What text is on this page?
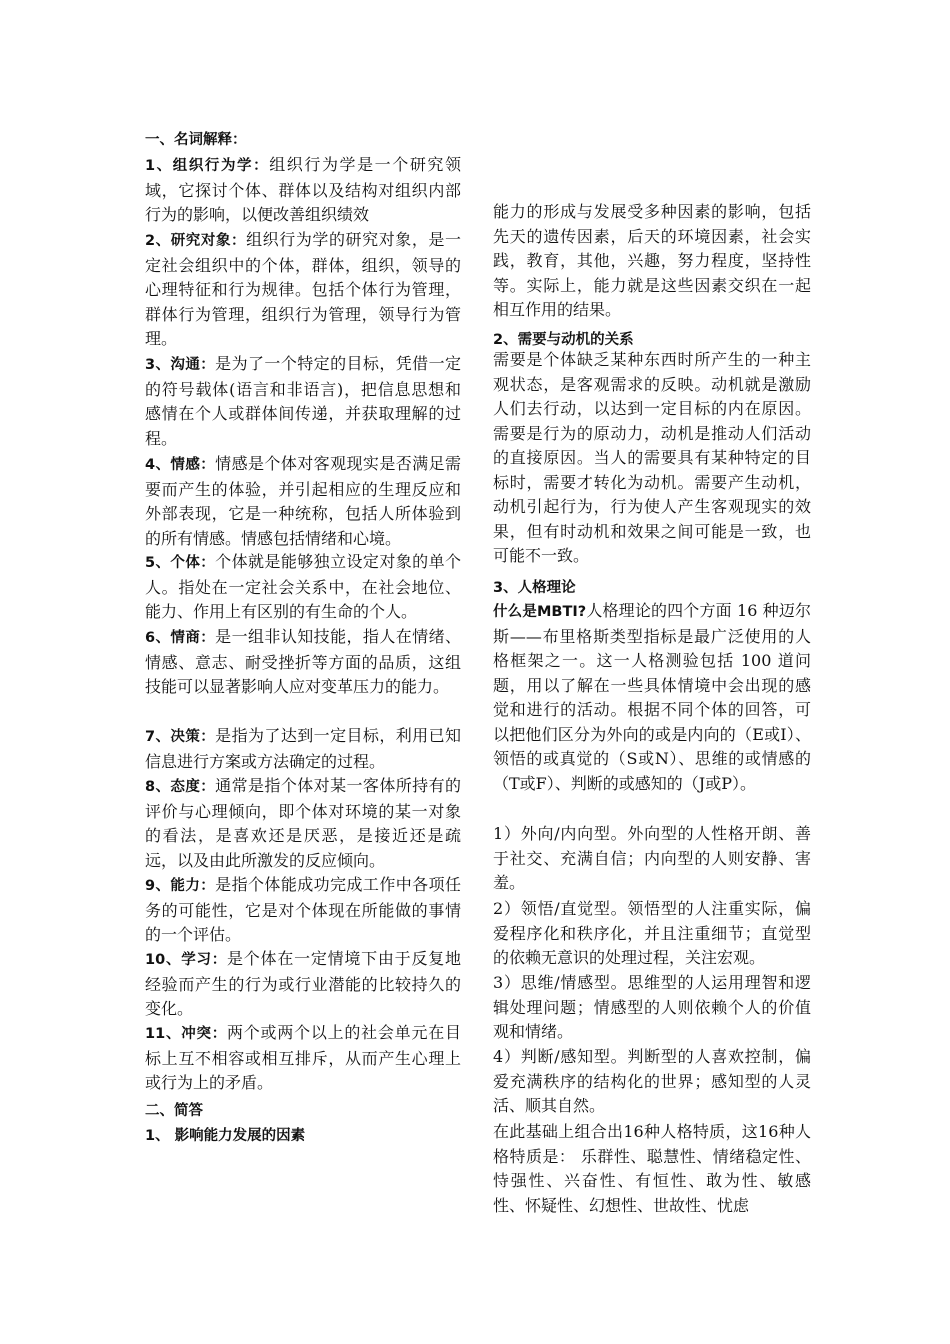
一、名词解释：

1、组织行为学：组织行为学是一个研究领域，它探讨个体、群体以及结构对组织内部行为的影响，以便改善组织绩效

2、研究对象：组织行为学的研究对象，是一定社会组织中的个体，群体，组织，领导的心理特征和行为规律。包括个体行为管理，群体行为管理，组织行为管理，领导行为管理。

3、沟通：是为了一个特定的目标，凭借一定的符号载体(语言和非语言)，把信息思想和感情在个人或群体间传递，并获取理解的过程。

4、情感：情感是个体对客观现实是否满足需要而产生的体验，并引起相应的生理反应和外部表现，它是一种统称，包括人所体验到的所有情感。情感包括情绪和心境。

5、个体：个体就是能够独立设定对象的单个人。指处在一定社会关系中，在社会地位、能力、作用上有区别的有生命的个人。

6、情商：是一组非认知技能，指人在情绪、情感、意志、耐受挫折等方面的品质，这组技能可以显著影响人应对变革压力的能力。

7、决策：是指为了达到一定目标，利用已知信息进行方案或方法确定的过程。

8、态度：通常是指个体对某一客体所持有的评价与心理倾向，即个体对环境的某一对象的看法，是喜欢还是厌恶，是接近还是疏远，以及由此所激发的反应倾向。

9、能力：是指个体能成功完成工作中各项任务的可能性，它是对个体现在所能做的事情的一个评估。

10、学习：是个体在一定情境下由于反复地经验而产生的行为或行业潜能的比较持久的变化。

11、冲突：两个或两个以上的社会单元在目标上互不相容或相互排斥，从而产生心理上或行为上的矛盾。

二、简答
1、 影响能力发展的因素

能力的形成与发展受多种因素的影响，包括先天的遗传因素，后天的环境因素，社会实践，教育，其他，兴趣，努力程度，坚持性等。实际上，能力就是这些因素交织在一起相互作用的结果。

2、需要与动机的关系

需要是个体缺乏某种东西时所产生的一种主观状态，是客观需求的反映。动机就是激励人们去行动，以达到一定目标的内在原因。需要是行为的原动力，动机是推动人们活动的直接原因。当人的需要具有某种特定的目标时，需要才转化为动机。需要产生动机，动机引起行为，行为使人产生客观现实的效果，但有时动机和效果之间可能是一致，也可能不一致。

3、人格理论

什么是MBTI?人格理论的四个方面 16 种迈尔斯——布里格斯类型指标是最广泛使用的人格框架之一。这一人格测验包括 100 道问题，用以了解在一些具体情境中会出现的感觉和进行的活动。根据不同个体的回答，可以把他们区分为外向的或是内向的（E或I）、领悟的或真觉的（S或N）、思维的或情感的（T或F）、判断的或感知的（J或P）。

1）外向/内向型。外向型的人性格开朗、善于社交、充满自信；内向型的人则安静、害羞。

2）领悟/直觉型。领悟型的人注重实际，偏爱程序化和秩序化，并且注重细节；直觉型的依赖无意识的处理过程，关注宏观。

3）思维/情感型。思维型的人运用理智和逻辑处理问题；情感型的人则依赖个人的价值观和情绪。

4）判断/感知型。判断型的人喜欢控制，偏爱充满秩序的结构化的世界；感知型的人灵活、顺其自然。

在此基础上组合出16种人格特质，这16种人格特质是： 乐群性、聪慧性、情绪稳定性、恃强性、兴奋性、有恒性、敢为性、敏感性、怀疑性、幻想性、世故性、忧虑
